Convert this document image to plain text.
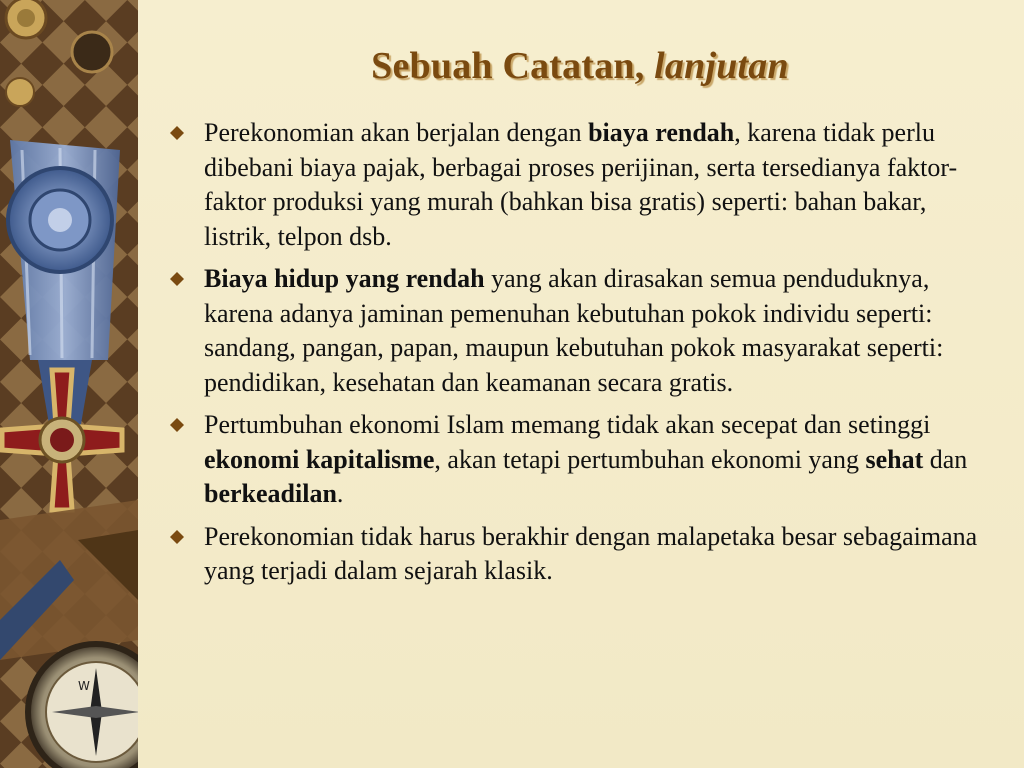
W
Sebuah Catatan, lanjutan
Perekonomian akan berjalan dengan biaya rendah, karena tidak perlu dibebani biaya pajak, berbagai proses perijinan, serta tersedianya faktor-faktor produksi yang murah (bahkan bisa gratis) seperti: bahan bakar, listrik, telpon dsb.
Biaya hidup yang rendah yang akan dirasakan semua penduduknya, karena adanya jaminan pemenuhan kebutuhan pokok individu seperti: sandang, pangan, papan, maupun kebutuhan pokok masyarakat seperti: pendidikan, kesehatan dan keamanan secara gratis.
Pertumbuhan ekonomi Islam memang tidak akan secepat dan setinggi ekonomi kapitalisme, akan tetapi pertumbuhan ekonomi yang sehat dan berkeadilan.
Perekonomian tidak harus berakhir dengan malapetaka besar sebagaimana yang terjadi dalam sejarah klasik.
